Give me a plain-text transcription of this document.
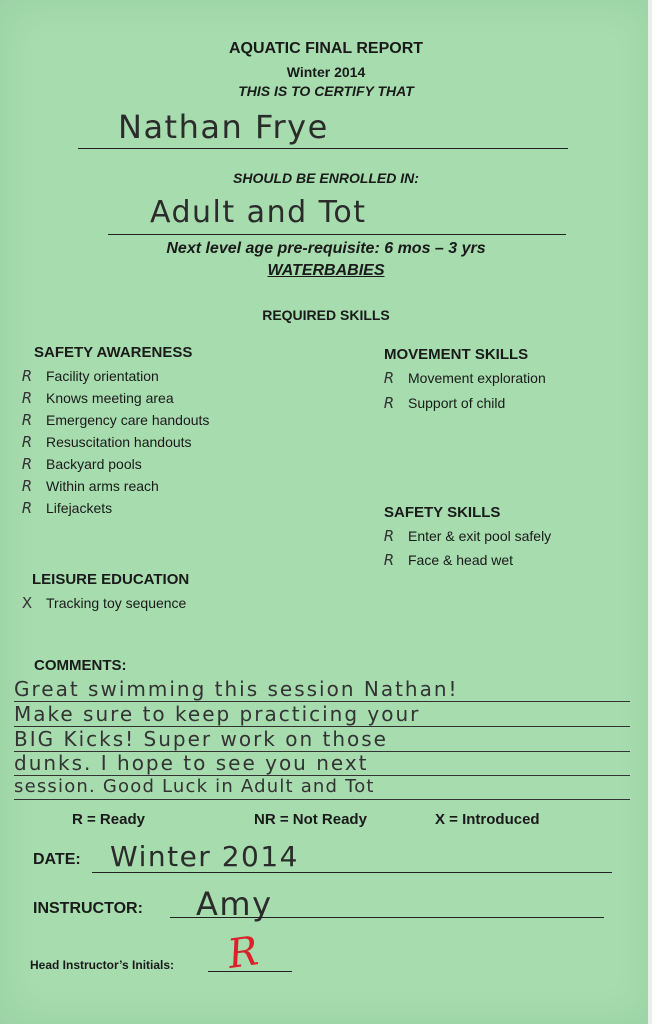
AQUATIC FINAL REPORT
Winter 2014
THIS IS TO CERTIFY THAT
Nathan Frye
SHOULD BE ENROLLED IN:
Adult and Tot
Next level age pre-requisite: 6 mos – 3 yrs
WATERBABIES
REQUIRED SKILLS
SAFETY AWARENESS
R Facility orientation
R Knows meeting area
R Emergency care handouts
R Resuscitation handouts
R Backyard pools
R Within arms reach
R Lifejackets
MOVEMENT SKILLS
R Movement exploration
R Support of child
SAFETY SKILLS
R Enter & exit pool safely
R Face & head wet
LEISURE EDUCATION
X Tracking toy sequence
COMMENTS:
Great swimming this session Nathan!
Make sure to keep practicing your
BIG Kicks! Super work on those
dunks. I hope to see you next
session. Good Luck in Adult and Tot
R = Ready	NR = Not Ready	X = Introduced
DATE: Winter 2014
INSTRUCTOR: Amy
Head Instructor’s Initials: R
